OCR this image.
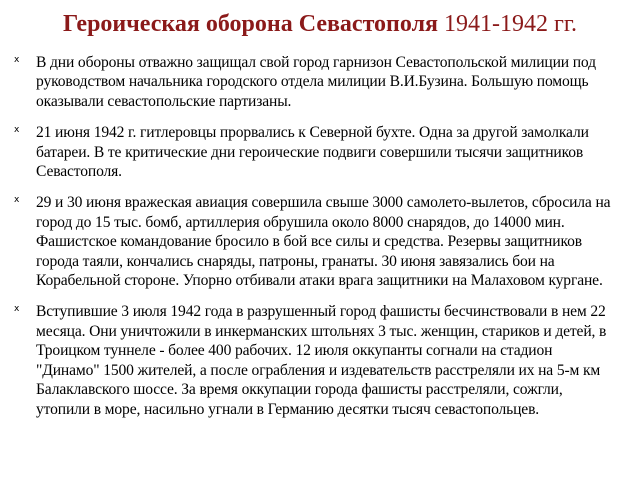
Героическая оборона Севастополя 1941-1942 гг.
ⅹ В дни обороны отважно защищал свой город гарнизон Севастопольской милиции под руководством начальника городского отдела милиции В.И.Бузина. Большую помощь оказывали севастопольские партизаны.
ⅹ 21 июня 1942 г. гитлеровцы прорвались к Северной бухте. Одна за другой замолкали батареи. В те критические дни героические подвиги совершили тысячи защитников Севастополя.
ⅹ 29 и 30 июня вражеская авиация совершила свыше 3000 самолето-вылетов, сбросила на город до 15 тыс. бомб, артиллерия обрушила около 8000 снарядов, до 14000 мин. Фашистское командование бросило в бой все силы и средства. Резервы защитников города таяли, кончались снаряды, патроны, гранаты. 30 июня завязались бои на Корабельной стороне. Упорно отбивали атаки врага защитники на Малаховом кургане.
ⅹ Вступившие 3 июля 1942 года в разрушенный город фашисты бесчинствовали в нем 22 месяца. Они уничтожили в инкерманских штольнях 3 тыс. женщин, стариков и детей, в Троицком туннеле - более 400 рабочих. 12 июля оккупанты согнали на стадион "Динамо" 1500 жителей, а после ограбления и издевательств расстреляли их на 5-м км Балаклавского шоссе. За время оккупации города фашисты расстреляли, сожгли, утопили в море, насильно угнали в Германию десятки тысяч севастопольцев.
